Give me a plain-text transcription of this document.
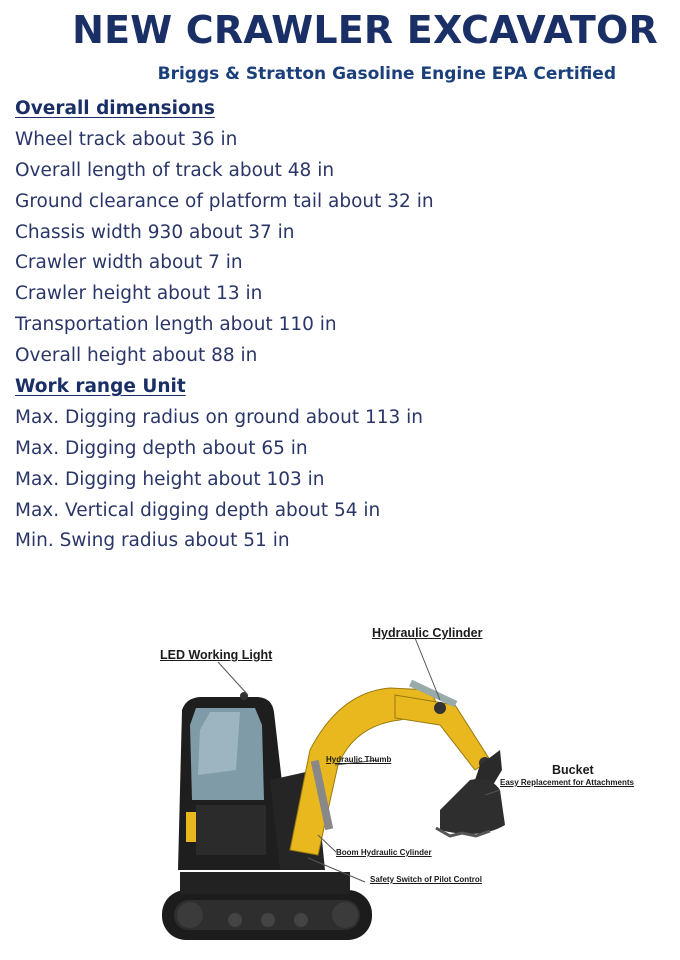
NEW CRAWLER EXCAVATOR
Briggs & Stratton Gasoline Engine EPA Certified
Overall dimensions
Wheel track about 36 in
Overall length of track about 48 in
Ground clearance of platform tail about 32 in
Chassis width 930 about 37 in
Crawler width about 7 in
Crawler height about 13 in
Transportation length about 110 in
Overall height about 88 in
Work range Unit
Max. Digging radius on ground about 113 in
Max. Digging depth about 65 in
Max. Digging height about 103 in
Max. Vertical digging depth about 54 in
Min. Swing radius about 51 in
LED Working Light
Hydraulic Cylinder
Hydraulic Thumb
Bucket
Easy Replacement for Attachments
Boom Hydraulic Cylinder
Safety Switch of Pilot Control
